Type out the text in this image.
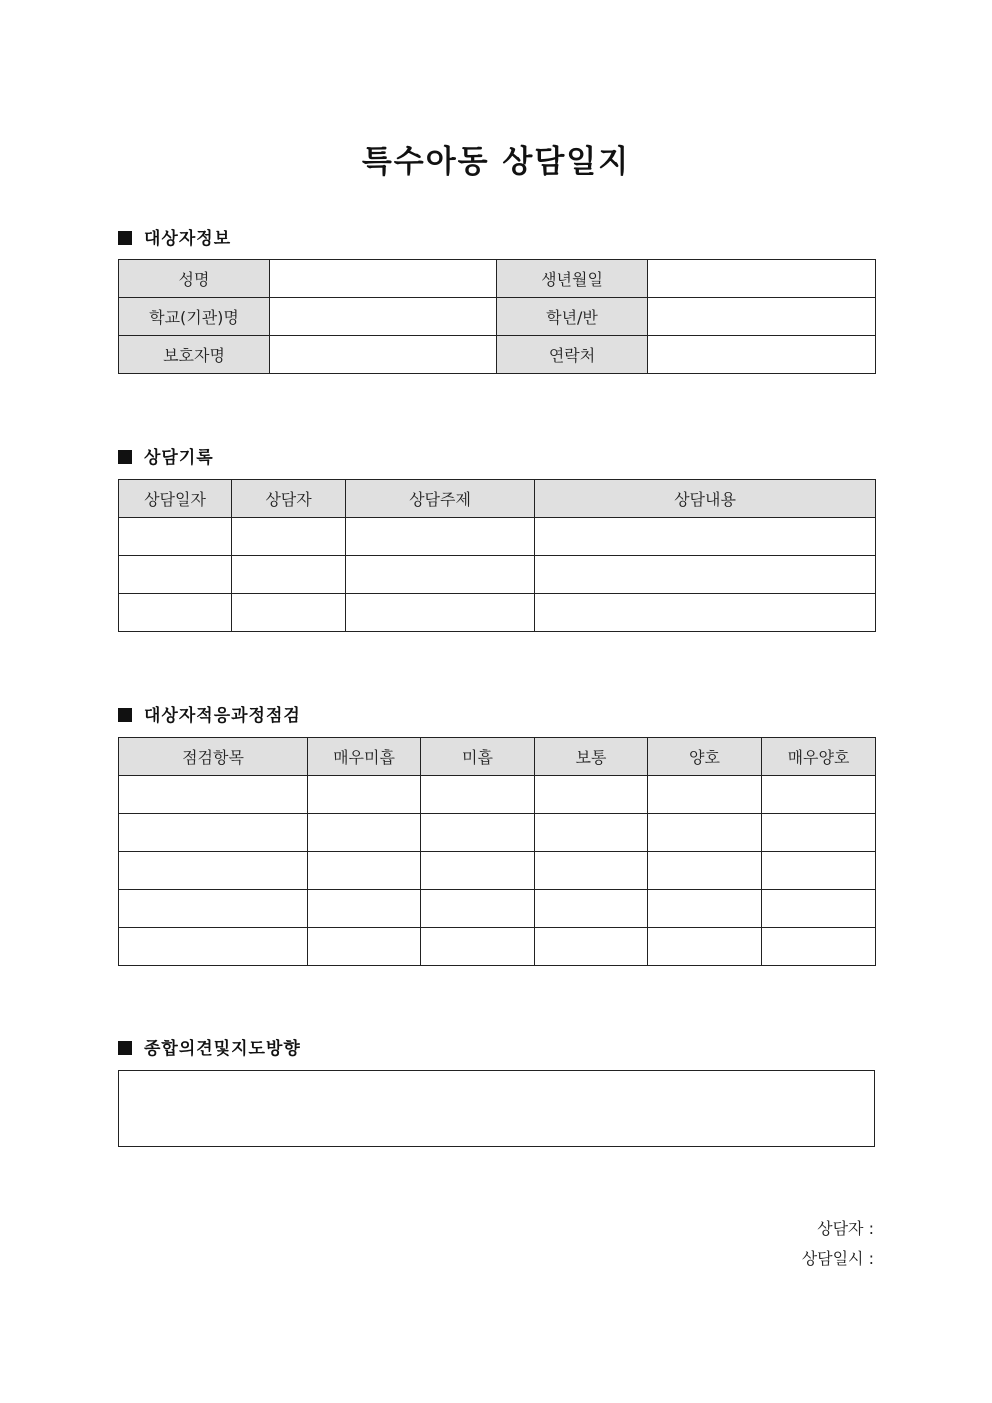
특수아동 상담일지
대상자정보
성명		생년월일	
학교(기관)명		학년/반	
보호자명		연락처	
상담기록
상담일자	상담자	상담주제	상담내용

대상자적응과정점검
점검항목	매우미흡	미흡	보통	양호	매우양호

종합의견및지도방향
상담자 :
상담일시 :
